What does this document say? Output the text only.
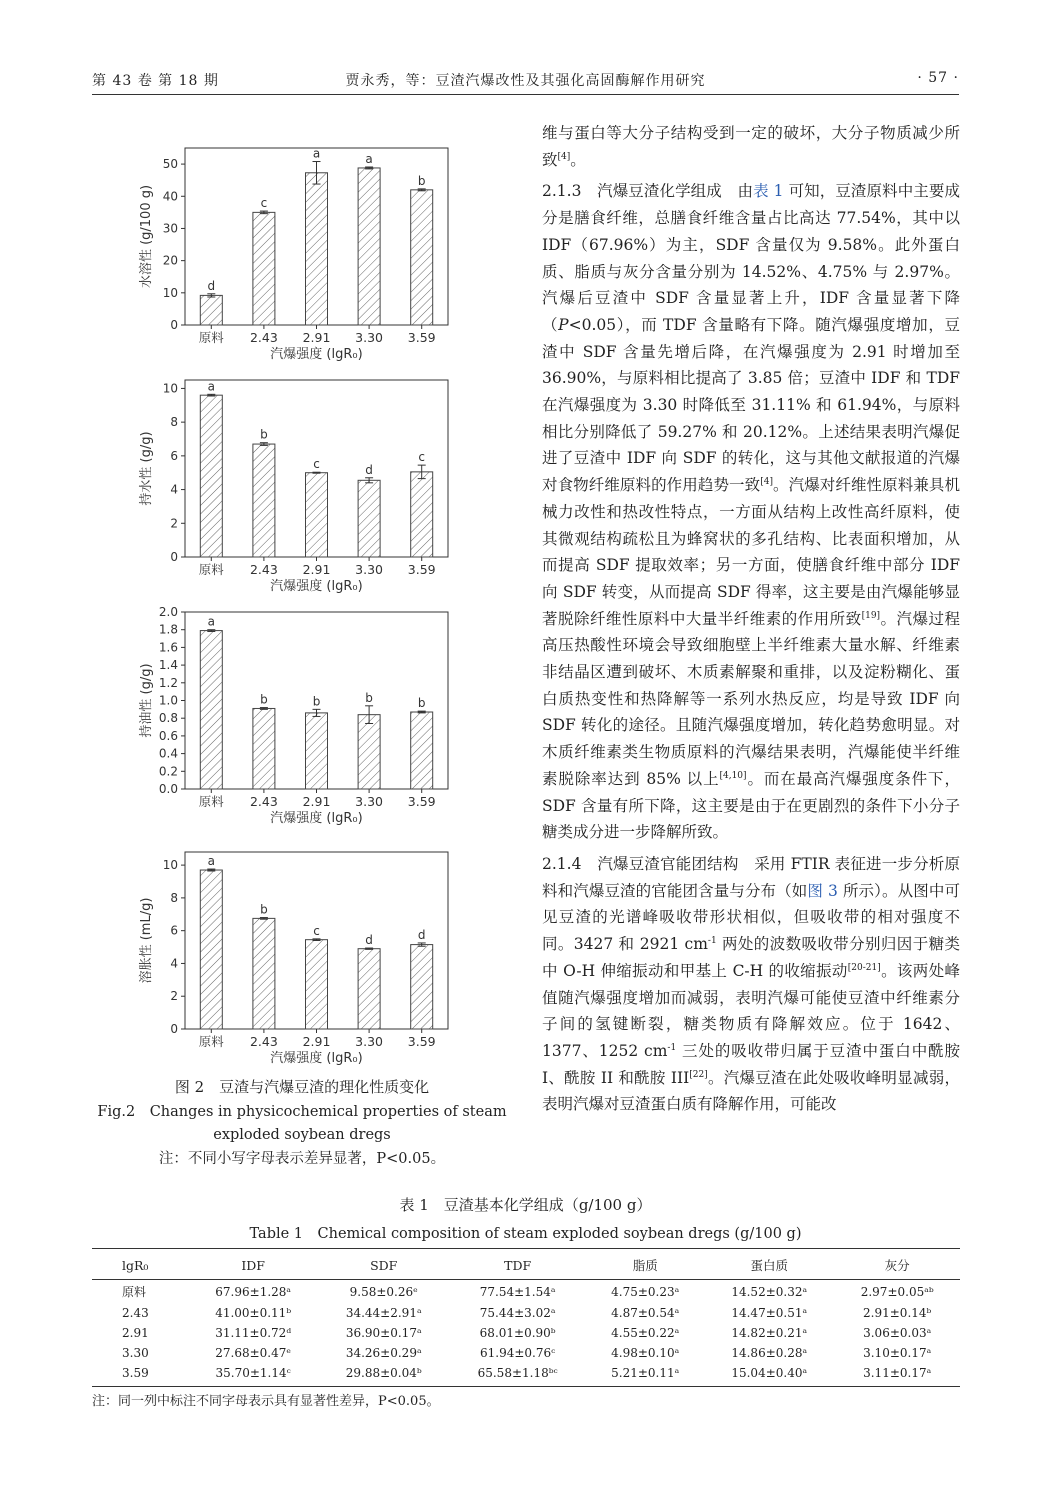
第 43 卷 第 18 期	贾永秀，等：豆渣汽爆改性及其强化高固酶解作用研究	· 57 ·
0
10
20
30
40
50
d
原料
c
2.43
a
2.91
a
3.30
b
3.59
汽爆强度 (lgR₀)
水溶性 (g/100 g)
0
2
4
6
8
10 a
原料
b
2.43
c
2.91
d
3.30
c
3.59
汽爆强度 (lgR₀)
持水性 (g/g)
0.0
0.2
0.4
0.6
0.8
1.0
1.2
1.4
1.6
1.8
2.0
a
原料
b
2.43
b
2.91
b
3.30
b
3.59
汽爆强度 (lgR₀)
持油性 (g/g)
0
2
4
6
8
10 a
原料
b
2.43
c
2.91
d
3.30
d
3.59
汽爆强度 (lgR₀)
溶胀性 (mL/g)
图 2　豆渣与汽爆豆渣的理化性质变化
Fig.2　Changes in physicochemical properties of steam
exploded soybean dregs
注：不同小写字母表示差异显著，P<0.05。

维与蛋白等大分子结构受到一定的破坏，大分子物质减少所致[4]。

2.1.3　汽爆豆渣化学组成　由表 1 可知，豆渣原料中主要成分是膳食纤维，总膳食纤维含量占比高达 77.54%，其中以 IDF（67.96%）为主，SDF 含量仅为 9.58%。此外蛋白质、脂质与灰分含量分别为 14.52%、4.75% 与 2.97%。汽爆后豆渣中 SDF 含量显著上升，IDF 含量显著下降（P<0.05），而 TDF 含量略有下降。随汽爆强度增加，豆渣中 SDF 含量先增后降，在汽爆强度为 2.91 时增加至 36.90%，与原料相比提高了 3.85 倍；豆渣中 IDF 和 TDF 在汽爆强度为 3.30 时降低至 31.11% 和 61.94%，与原料相比分别降低了 59.27% 和 20.12%。上述结果表明汽爆促进了豆渣中 IDF 向 SDF 的转化，这与其他文献报道的汽爆对食物纤维原料的作用趋势一致[4]。汽爆对纤维性原料兼具机械力改性和热改性特点，一方面从结构上改性高纤原料，使其微观结构疏松且为蜂窝状的多孔结构、比表面积增加，从而提高 SDF 提取效率；另一方面，使膳食纤维中部分 IDF 向 SDF 转变，从而提高 SDF 得率，这主要是由汽爆能够显著脱除纤维性原料中大量半纤维素的作用所致[19]。汽爆过程高压热酸性环境会导致细胞壁上半纤维素大量水解、纤维素非结晶区遭到破坏、木质素解聚和重排，以及淀粉糊化、蛋白质热变性和热降解等一系列水热反应，均是导致 IDF 向 SDF 转化的途径。且随汽爆强度增加，转化趋势愈明显。对木质纤维素类生物质原料的汽爆结果表明，汽爆能使半纤维素脱除率达到 85% 以上[4,10]。而在最高汽爆强度条件下，SDF 含量有所下降，这主要是由于在更剧烈的条件下小分子糖类成分进一步降解所致。

2.1.4　汽爆豆渣官能团结构　采用 FTIR 表征进一步分析原料和汽爆豆渣的官能团含量与分布（如图 3 所示）。从图中可见豆渣的光谱峰吸收带形状相似，但吸收带的相对强度不同。3427 和 2921 $cm^{-1}$ 两处的波数吸收带分别归因于糖类中 O-H 伸缩振动和甲基上 C-H 的收缩振动[20-21]。该两处峰值随汽爆强度增加而减弱，表明汽爆可能使豆渣中纤维素分子间的氢键断裂，糖类物质有降解效应。位于 1642、1377、1252 $cm^{-1}$ 三处的吸收带归属于豆渣中蛋白中酰胺 I、酰胺 II 和酰胺 III[22]。汽爆豆渣在此处吸收峰明显减弱，表明汽爆对豆渣蛋白质有降解作用，可能改

表 1　豆渣基本化学组成（g/100 g）
Table 1　Chemical composition of steam exploded soybean dregs (g/100 g)
lgR₀	IDF	SDF	TDF	脂质	蛋白质	灰分
原料	67.96±1.28ᵃ	9.58±0.26ᵉ	77.54±1.54ᵃ	4.75±0.23ᵃ	14.52±0.32ᵃ	2.97±0.05ᵃᵇ
2.43	41.00±0.11ᵇ	34.44±2.91ᵃ	75.44±3.02ᵃ	4.87±0.54ᵃ	14.47±0.51ᵃ	2.91±0.14ᵇ
2.91	31.11±0.72ᵈ	36.90±0.17ᵃ	68.01±0.90ᵇ	4.55±0.22ᵃ	14.82±0.21ᵃ	3.06±0.03ᵃ
3.30	27.68±0.47ᵉ	34.26±0.29ᵃ	61.94±0.76ᶜ	4.98±0.10ᵃ	14.86±0.28ᵃ	3.10±0.17ᵃ
3.59	35.70±1.14ᶜ	29.88±0.04ᵇ	65.58±1.18ᵇᶜ	5.21±0.11ᵃ	15.04±0.40ᵃ	3.11±0.17ᵃ
注：同一列中标注不同字母表示具有显著性差异，P<0.05。
